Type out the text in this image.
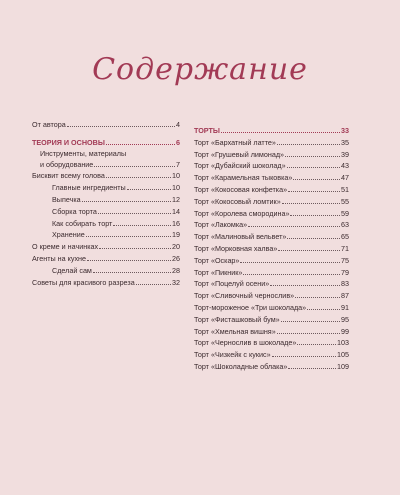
Содержание
От автора	4
ТЕОРИЯ И ОСНОВЫ	6
Инструменты, материалы
и оборудование	7
Бисквит всему голова	10
Главные ингредиенты	10
Выпечка	12
Сборка торта	14
Как собирать торт	16
Хранение	19
О креме и начинках	20
Агенты на кухне	26
Сделай сам	28
Советы для красивого разреза	32
ТОРТЫ	33
Торт «Бархатный латте»	35
Торт «Грушевый лимонад»	39
Торт «Дубайский шоколад»	43
Торт «Карамельная тыковка»	47
Торт «Кокосовая конфетка»	51
Торт «Кокосовый ломтик»	55
Торт «Королева смородина»	59
Торт «Лакомка»	63
Торт «Малиновый вельвет»	65
Торт «Морковная халва»	71
Торт «Оскар»	75
Торт «Пикник»	79
Торт «Поцелуй осени»	83
Торт «Сливочный чернослив»	87
Торт-мороженое «Три шоколада»	91
Торт «Фисташковый бум»	95
Торт «Хмельная вишня»	99
Торт «Чернослив в шоколаде»	103
Торт «Чизкейк с кукис»	105
Торт «Шоколадные облака»	109
